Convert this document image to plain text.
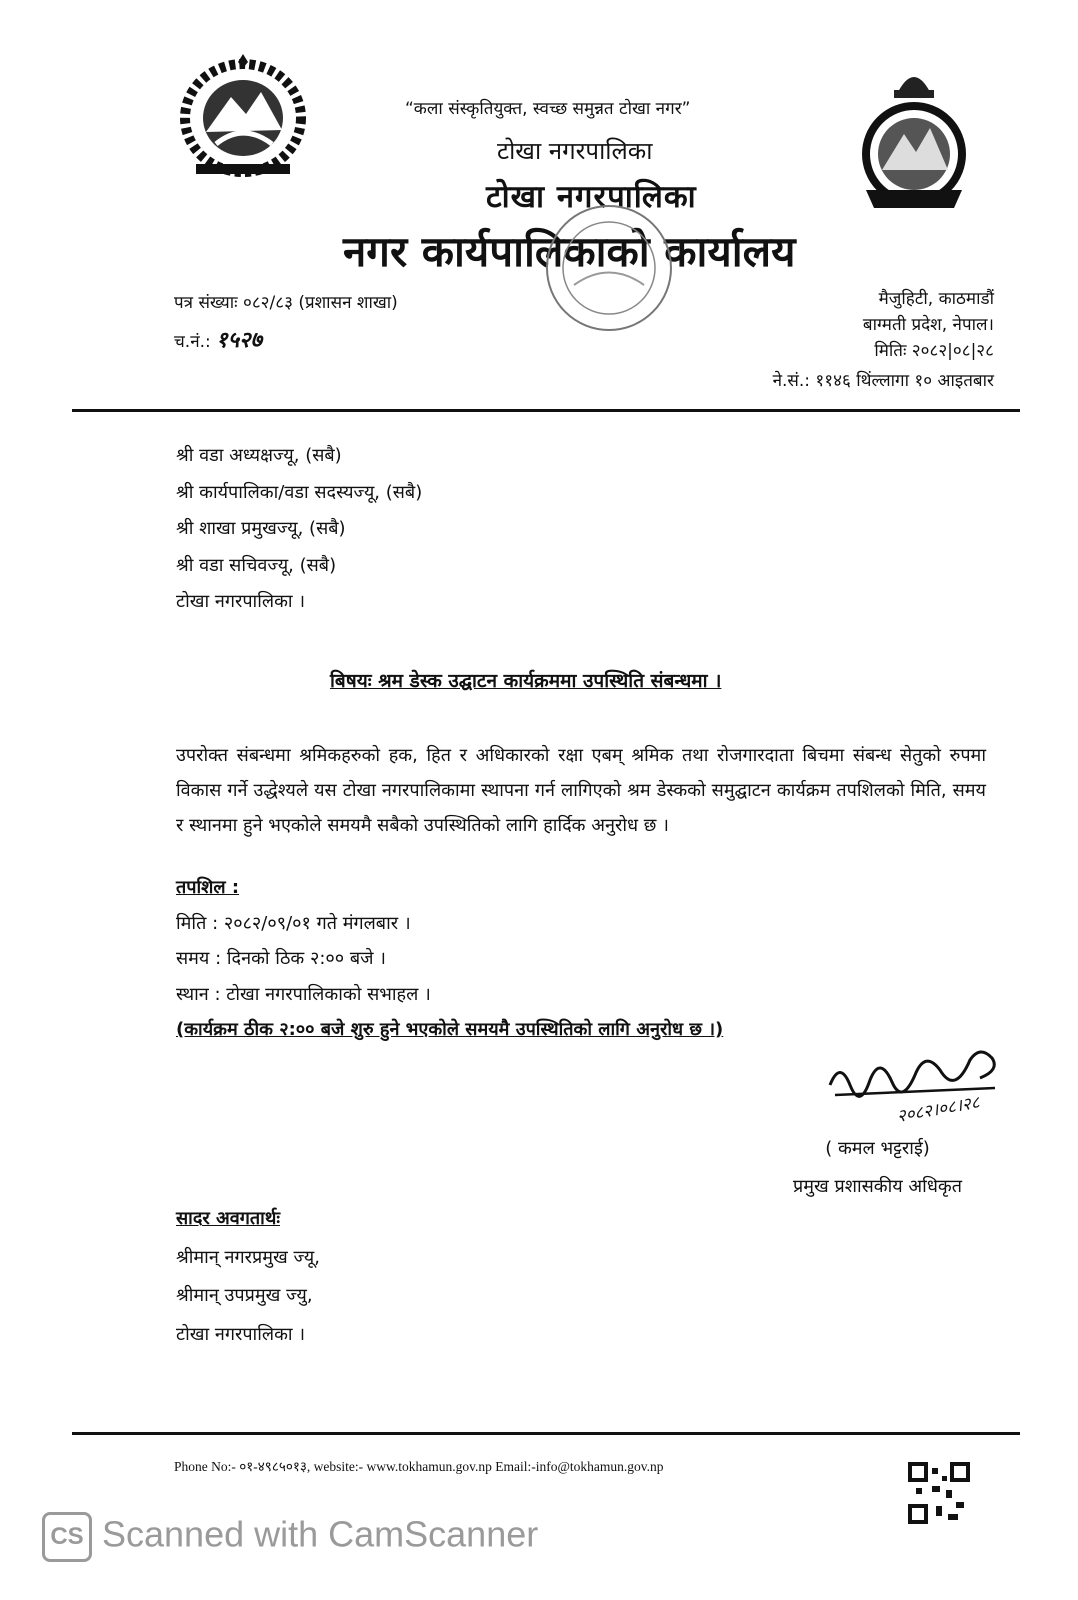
“कला संस्कृतियुक्त, स्वच्छ समुन्नत टोखा नगर”
टोखा नगरपालिका
टोखा नगरपालिका
नगर कार्यपालिकाको कार्यालय
पत्र संख्याः ०८२/८३ (प्रशासन शाखा)
च.नं.: १५२७
मैजुहिटी, काठमाडौं
बाग्मती प्रदेश, नेपाल।
मितिः २०८२|०८|२८
ने.सं.: ११४६ थिंल्लागा १० आइतबार
श्री वडा अध्यक्षज्यू, (सबै)
श्री कार्यपालिका/वडा सदस्यज्यू, (सबै)
श्री शाखा प्रमुखज्यू, (सबै)
श्री वडा सचिवज्यू, (सबै)
टोखा नगरपालिका ।
बिषयः श्रम डेस्क उद्घाटन कार्यक्रममा उपस्थिति संबन्धमा ।
उपरोक्त संबन्धमा श्रमिकहरुको हक, हित र अधिकारको रक्षा एबम् श्रमिक तथा रोजगारदाता बिचमा संबन्ध सेतुको रुपमा विकास गर्ने उद्धेश्यले यस टोखा नगरपालिकामा स्थापना गर्न लागिएको श्रम डेस्कको समुद्घाटन कार्यक्रम तपशिलको मिति, समय र स्थानमा हुने भएकोले समयमै सबैको उपस्थितिको लागि हार्दिक अनुरोध छ ।
तपशिल :
मिति : २०८२/०९/०१ गते मंगलबार ।
समय : दिनको ठिक २:०० बजे ।
स्थान : टोखा नगरपालिकाको सभाहल ।
(कार्यक्रम ठीक २:०० बजे शुरु हुने भएकोले समयमै उपस्थितिको लागि अनुरोध छ ।)
२०८२।०८।२८
( कमल भट्टराई)
प्रमुख प्रशासकीय अधिकृत
सादर अवगतार्थः
श्रीमान् नगरप्रमुख ज्यू,
श्रीमान् उपप्रमुख ज्यु,
टोखा नगरपालिका ।
Phone No:- ०१-४९८५०१३, website:- www.tokhamun.gov.np Email:-info@tokhamun.gov.np
CS Scanned with CamScanner
